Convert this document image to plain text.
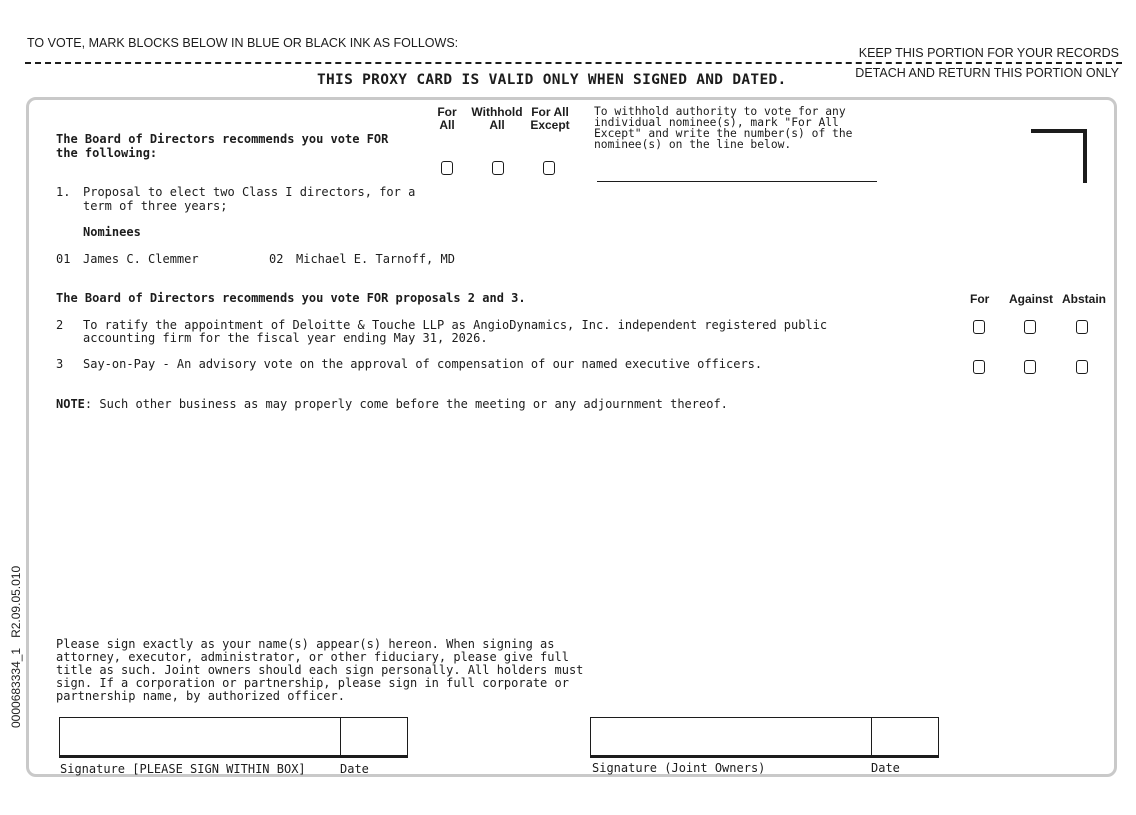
TO VOTE, MARK BLOCKS BELOW IN BLUE OR BLACK INK AS FOLLOWS:
KEEP THIS PORTION FOR YOUR RECORDS
DETACH AND RETURN THIS PORTION ONLY
THIS PROXY CARD IS VALID ONLY WHEN SIGNED AND DATED.
0000683334_1   R2.09.05.010
The Board of Directors recommends you vote FOR
the following:
For
All
Withhold
All
For All
Except
To withhold authority to vote for any
individual nominee(s), mark "For All
Except" and write the number(s) of the
nominee(s) on the line below.
1. Proposal to elect two Class I directors, for a
term of three years;
Nominees
01 James C. Clemmer	02 Michael E. Tarnoff, MD
The Board of Directors recommends you vote FOR proposals 2 and 3.	For Against Abstain
2 To ratify the appointment of Deloitte & Touche LLP as AngioDynamics, Inc. independent registered public
accounting firm for the fiscal year ending May 31, 2026.
3 Say-on-Pay - An advisory vote on the approval of compensation of our named executive officers.
NOTE: Such other business as may properly come before the meeting or any adjournment thereof.
Please sign exactly as your name(s) appear(s) hereon. When signing as
attorney, executor, administrator, or other fiduciary, please give full
title as such. Joint owners should each sign personally. All holders must
sign. If a corporation or partnership, please sign in full corporate or
partnership name, by authorized officer.
Signature [PLEASE SIGN WITHIN BOX]	Date	Signature (Joint Owners)	Date
